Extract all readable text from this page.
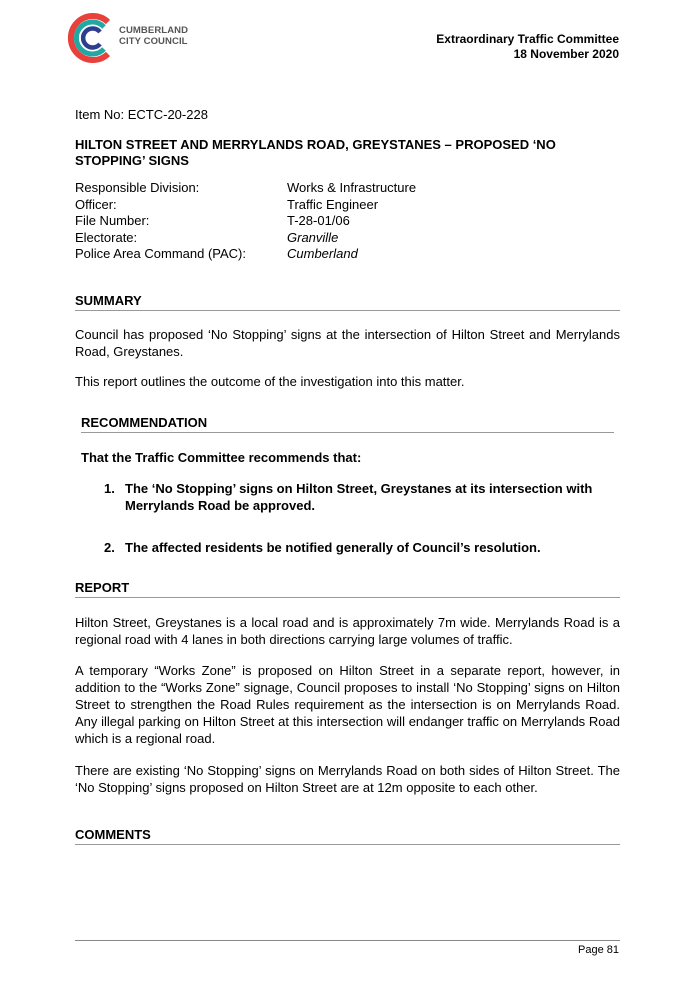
CUMBERLAND
CITY COUNCIL	Extraordinary Traffic Committee
18 November 2020
Item No: ECTC-20-228
HILTON STREET AND MERRYLANDS ROAD, GREYSTANES – PROPOSED ‘NO STOPPING’ SIGNS
Responsible Division:	Works & Infrastructure
Officer:	Traffic Engineer
File Number:	T-28-01/06
Electorate:	Granville
Police Area Command (PAC):	Cumberland
SUMMARY
Council has proposed ‘No Stopping’ signs at the intersection of Hilton Street and Merrylands Road, Greystanes.
This report outlines the outcome of the investigation into this matter.
RECOMMENDATION
That the Traffic Committee recommends that:
1. The ‘No Stopping’ signs on Hilton Street, Greystanes at its intersection with Merrylands Road be approved.
2. The affected residents be notified generally of Council’s resolution.
REPORT
Hilton Street, Greystanes is a local road and is approximately 7m wide. Merrylands Road is a regional road with 4 lanes in both directions carrying large volumes of traffic.
A temporary “Works Zone” is proposed on Hilton Street in a separate report, however, in addition to the “Works Zone” signage, Council proposes to install ‘No Stopping’ signs on Hilton Street to strengthen the Road Rules requirement as the intersection is on Merrylands Road. Any illegal parking on Hilton Street at this intersection will endanger traffic on Merrylands Road which is a regional road.
There are existing ‘No Stopping’ signs on Merrylands Road on both sides of Hilton Street. The ‘No Stopping’ signs proposed on Hilton Street are at 12m opposite to each other.
COMMENTS
Page 81
